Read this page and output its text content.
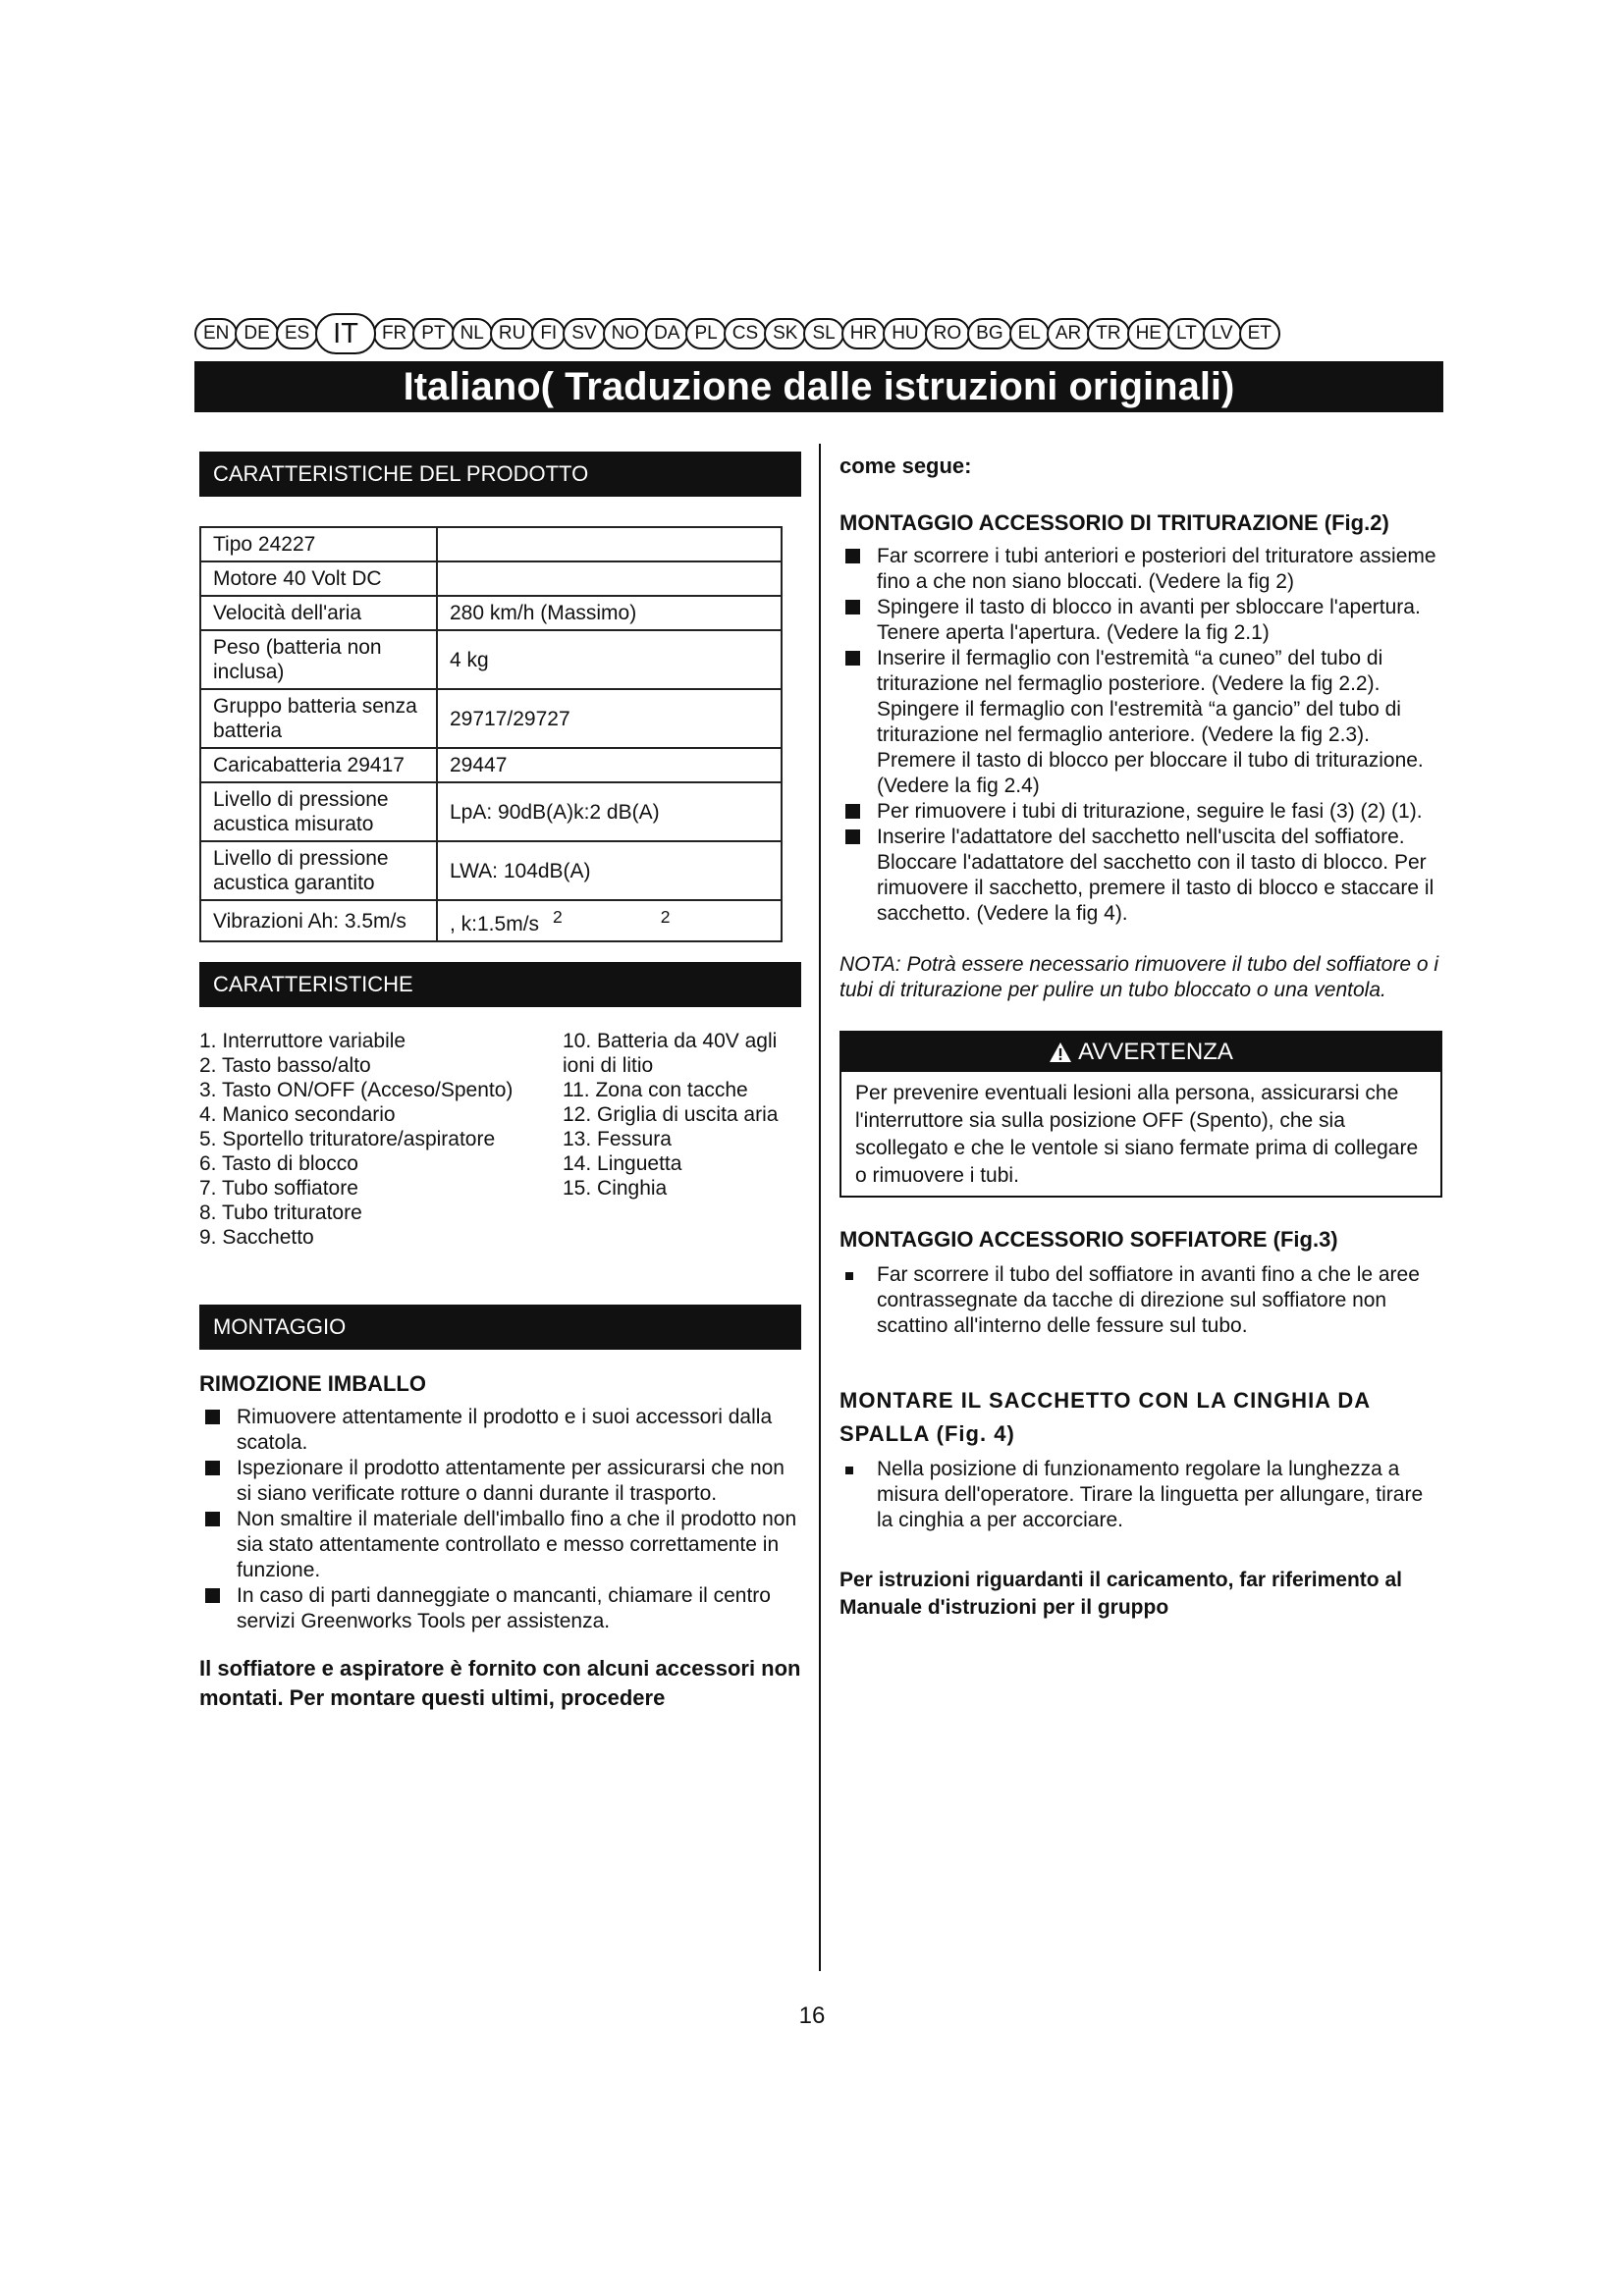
EN DE ES IT	FR PT NL RU FI SV NO DA PL CS SK SL HR HU RO BG EL AR TR HE LT LV ET
Italiano( Traduzione dalle istruzioni originali)
CARATTERISTICHE DEL PRODOTTO
Tipo 24227	
Motore 40 Volt DC	
Velocità dell'aria	280 km/h (Massimo)
Peso (batteria non inclusa)	4 kg
Gruppo batteria senza batteria	29717/29727
Caricabatteria 29417	29447
Livello di pressione acustica misurato	LpA: 90dB(A)k:2 dB(A)
Livello di pressione acustica garantito	LWA: 104dB(A)
Vibrazioni Ah: 3.5m/s	, k:1.5m/s $^2$ $^2$
CARATTERISTICHE
1. Interruttore variabile
2. Tasto basso/alto
3. Tasto ON/OFF (Acceso/Spento)
4. Manico secondario
5. Sportello trituratore/aspiratore
6. Tasto di blocco
7. Tubo soffiatore
8. Tubo trituratore
9. Sacchetto
10. Batteria da 40V agli ioni di litio
11. Zona con tacche
12. Griglia di uscita aria
13. Fessura
14. Linguetta
15. Cinghia
MONTAGGIO

RIMOZIONE IMBALLO

Rimuovere attentamente il prodotto e i suoi accessori dalla scatola.
Ispezionare il prodotto attentamente per assicurarsi che non si siano verificate rotture o danni durante il trasporto.
Non smaltire il materiale dell'imballo fino a che il prodotto non sia stato attentamente controllato e messo correttamente in funzione.
In caso di parti danneggiate o mancanti, chiamare il centro servizi Greenworks Tools per assistenza.

Il soffiatore e aspiratore è fornito con alcuni accessori non montati. Per montare questi ultimi, procedere

come segue:

MONTAGGIO ACCESSORIO DI TRITURAZIONE (Fig.2)

Far scorrere i tubi anteriori e posteriori del trituratore assieme fino a che non siano bloccati. (Vedere la fig 2)
Spingere il tasto di blocco in avanti per sbloccare l'apertura. Tenere aperta l'apertura. (Vedere la fig 2.1)
Inserire il fermaglio con l'estremità “a cuneo” del tubo di triturazione nel fermaglio posteriore. (Vedere la fig 2.2). Spingere il fermaglio con l'estremità “a gancio” del tubo di triturazione nel fermaglio anteriore. (Vedere la fig 2.3). Premere il tasto di blocco per bloccare il tubo di triturazione. (Vedere la fig 2.4)
Per rimuovere i tubi di triturazione, seguire le fasi (3) (2) (1).
Inserire l'adattatore del sacchetto nell'uscita del soffiatore. Bloccare l'adattatore del sacchetto con il tasto di blocco. Per rimuovere il sacchetto, premere il tasto di blocco e staccare il sacchetto. (Vedere la fig 4).

NOTA: Potrà essere necessario rimuovere il tubo del soffiatore o i tubi di triturazione per pulire un tubo bloccato o una ventola.

AVVERTENZA
Per prevenire eventuali lesioni alla persona, assicurarsi che l'interruttore sia sulla posizione OFF (Spento), che sia scollegato e che le ventole si siano fermate prima di collegare o rimuovere i tubi.

MONTAGGIO ACCESSORIO SOFFIATORE (Fig.3)

Far scorrere il tubo del soffiatore in avanti fino a che le aree contrassegnate da tacche di direzione sul soffiatore non scattino all'interno delle fessure sul tubo.

MONTARE IL SACCHETTO CON LA CINGHIA DA SPALLA (Fig. 4)

Nella posizione di funzionamento regolare la lunghezza a misura dell'operatore. Tirare la linguetta per allungare, tirare la cinghia a per accorciare.

Per istruzioni riguardanti il caricamento, far riferimento al Manuale d'istruzioni per il gruppo

16
